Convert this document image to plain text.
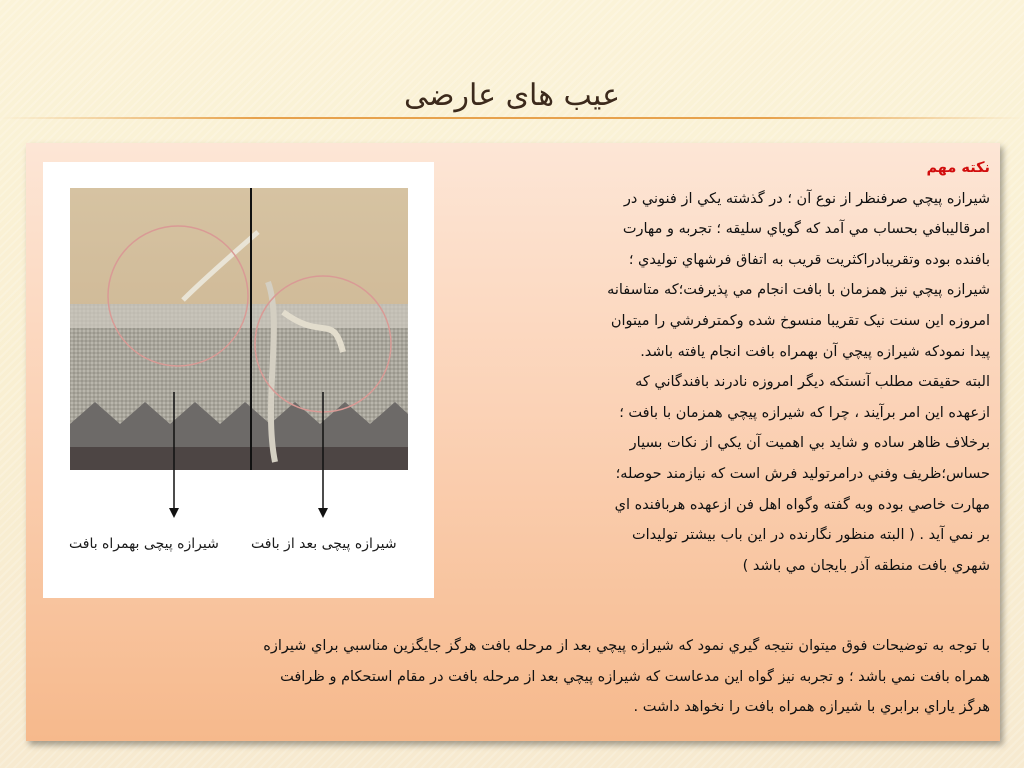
عیب های عارضی
شیرازه پیچی بعد از بافت
شیرازه پیچی بهمراه بافت

نکته مهم

شيرازه پيچي صرفنظر از نوع آن ؛ در گذشته يكي از فنوني در

امرقاليبافي بحساب مي آمد كه گوياي سليقه ؛ تجربه و مهارت

بافنده بوده وتقريبادراكثريت قريب به اتفاق فرشهاي توليدي ؛

شيرازه پيچي نيز همزمان با بافت انجام مي پذيرفت؛كه متاسفانه

امروزه اين سنت نيک تقريبا منسوخ شده وكمترفرشي را ميتوان

پيدا نمودكه شيرازه پيچي آن بهمراه بافت انجام يافته باشد.

البته حقيقت مطلب آنستكه ديگر امروزه نادرند بافندگاني كه

ازعهده اين امر برآيند ، چرا كه شيرازه پيچي همزمان با بافت ؛

برخلاف ظاهر ساده و شايد بي اهميت آن يكي از نكات بسيار

حساس؛ظريف وفني درامرتوليد فرش است كه نيازمند حوصله؛

مهارت خاصي بوده وبه گفته وگواه اهل فن ازعهده هربافنده اي

بر نمي آيد . ( البته منظور نگارنده در اين باب بيشتر توليدات

شهري بافت منطقه آذر بايجان مي باشد )

با توجه به توضيحات فوق ميتوان نتيجه گيري نمود كه شيرازه پيچي بعد از مرحله بافت هرگز جايگزين مناسبي براي شيرازه

همراه بافت نمي باشد ؛ و تجربه نيز گواه اين مدعاست كه شيرازه پيچي بعد از مرحله بافت در مقام استحكام و ظرافت

هرگز ياراي برابري با شيرازه همراه بافت را نخواهد داشت .
